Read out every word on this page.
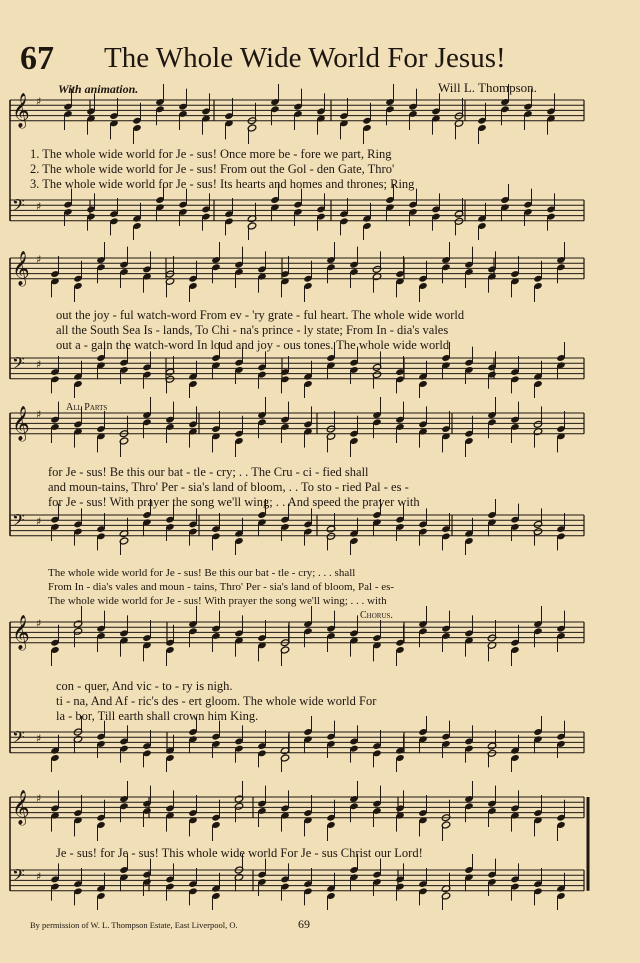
67 The Whole Wide World For Jesus!
With animation.	Will L. Thompson.
𝄞 ♯
𝄢 ♯
𝄞 ♯
𝄢 ♯
𝄞 ♯
𝄢 ♯
𝄞 ♯
𝄢 ♯
𝄞 ♯
𝄢 ♯
1. The whole wide world for Je - sus! Once more be - fore we part, Ring
2. The whole wide world for Je - sus! From out the Gol - den Gate, Thro'
3. The whole wide world for Je - sus! Its hearts and homes and thrones; Ring
out the joy - ful watch-word From ev - 'ry grate - ful heart. The whole wide world
all the South Sea Is - lands, To Chi - na's prince - ly state; From In - dia's vales
out a - gain the watch-word In loud and joy - ous tones. The whole wide world
All Parts
for Je - sus! Be this our bat - tle - cry; . . The Cru - ci - fied shall
and moun-tains, Thro' Per - sia's land of bloom, . . To sto - ried Pal - es -
for Je - sus! With prayer the song we'll wing; . . And speed the prayer with
The whole wide world for Je - sus! Be this our bat - tle - cry; . . . shall
From In - dia's vales and moun - tains, Thro' Per - sia's land of bloom, Pal - es-
The whole wide world for Je - sus! With prayer the song we'll wing; . . . with
Chorus.
con - quer, And vic - to - ry is nigh.
ti - na, And Af - ric's des - ert gloom. The whole wide world For
la - bor, Till earth shall crown him King.
Je - sus! for Je - sus! This whole wide world For Je - sus Christ our Lord!
By permission of W. L. Thompson Estate, East Liverpool, O.	69
